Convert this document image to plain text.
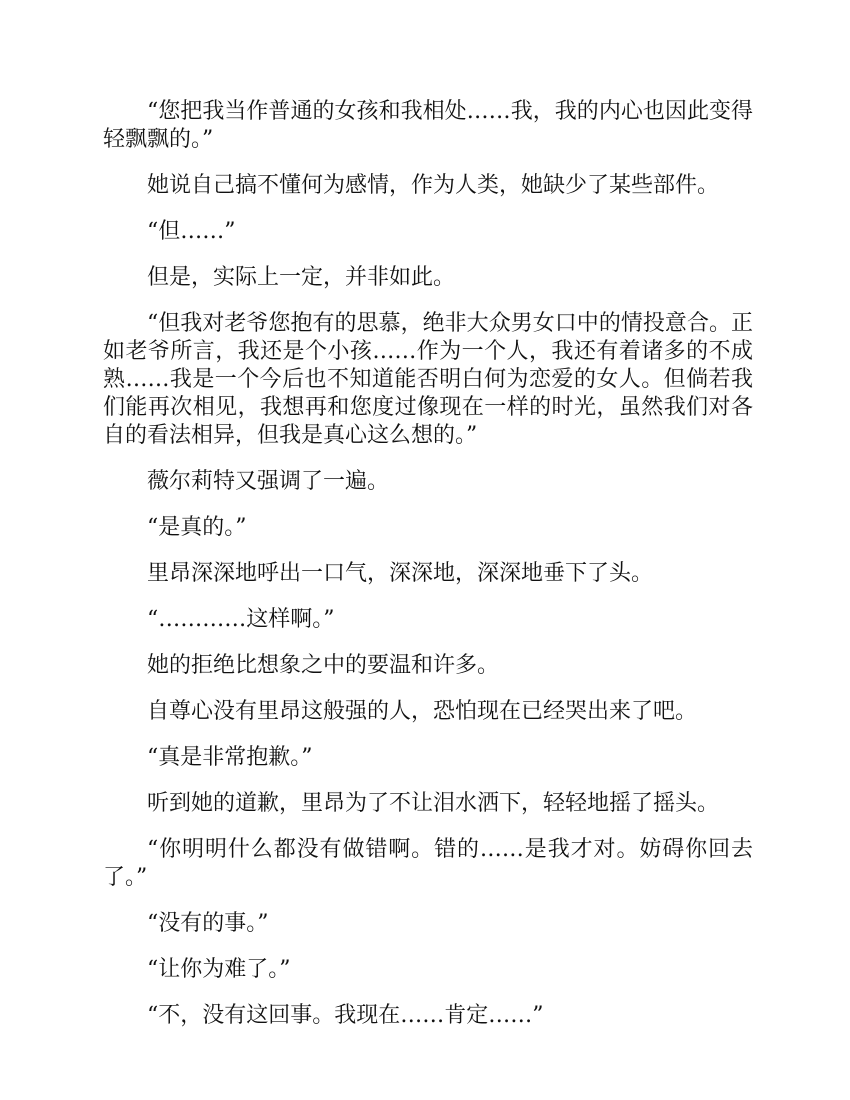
“您把我当作普通的女孩和我相处……我，我的内心也因此变得轻飘飘的。”

她说自己搞不懂何为感情，作为人类，她缺少了某些部件。

“但……”

但是，实际上一定，并非如此。

“但我对老爷您抱有的思慕，绝非大众男女口中的情投意合。正如老爷所言，我还是个小孩……作为一个人，我还有着诸多的不成熟……我是一个今后也不知道能否明白何为恋爱的女人。但倘若我们能再次相见，我想再和您度过像现在一样的时光，虽然我们对各自的看法相异，但我是真心这么想的。”

薇尔莉特又强调了一遍。

“是真的。”

里昂深深地呼出一口气，深深地，深深地垂下了头。

“…………这样啊。”

她的拒绝比想象之中的要温和许多。

自尊心没有里昂这般强的人，恐怕现在已经哭出来了吧。

“真是非常抱歉。”

听到她的道歉，里昂为了不让泪水洒下，轻轻地摇了摇头。

“你明明什么都没有做错啊。错的……是我才对。妨碍你回去了。”

“没有的事。”

“让你为难了。”

“不，没有这回事。我现在……肯定……”
